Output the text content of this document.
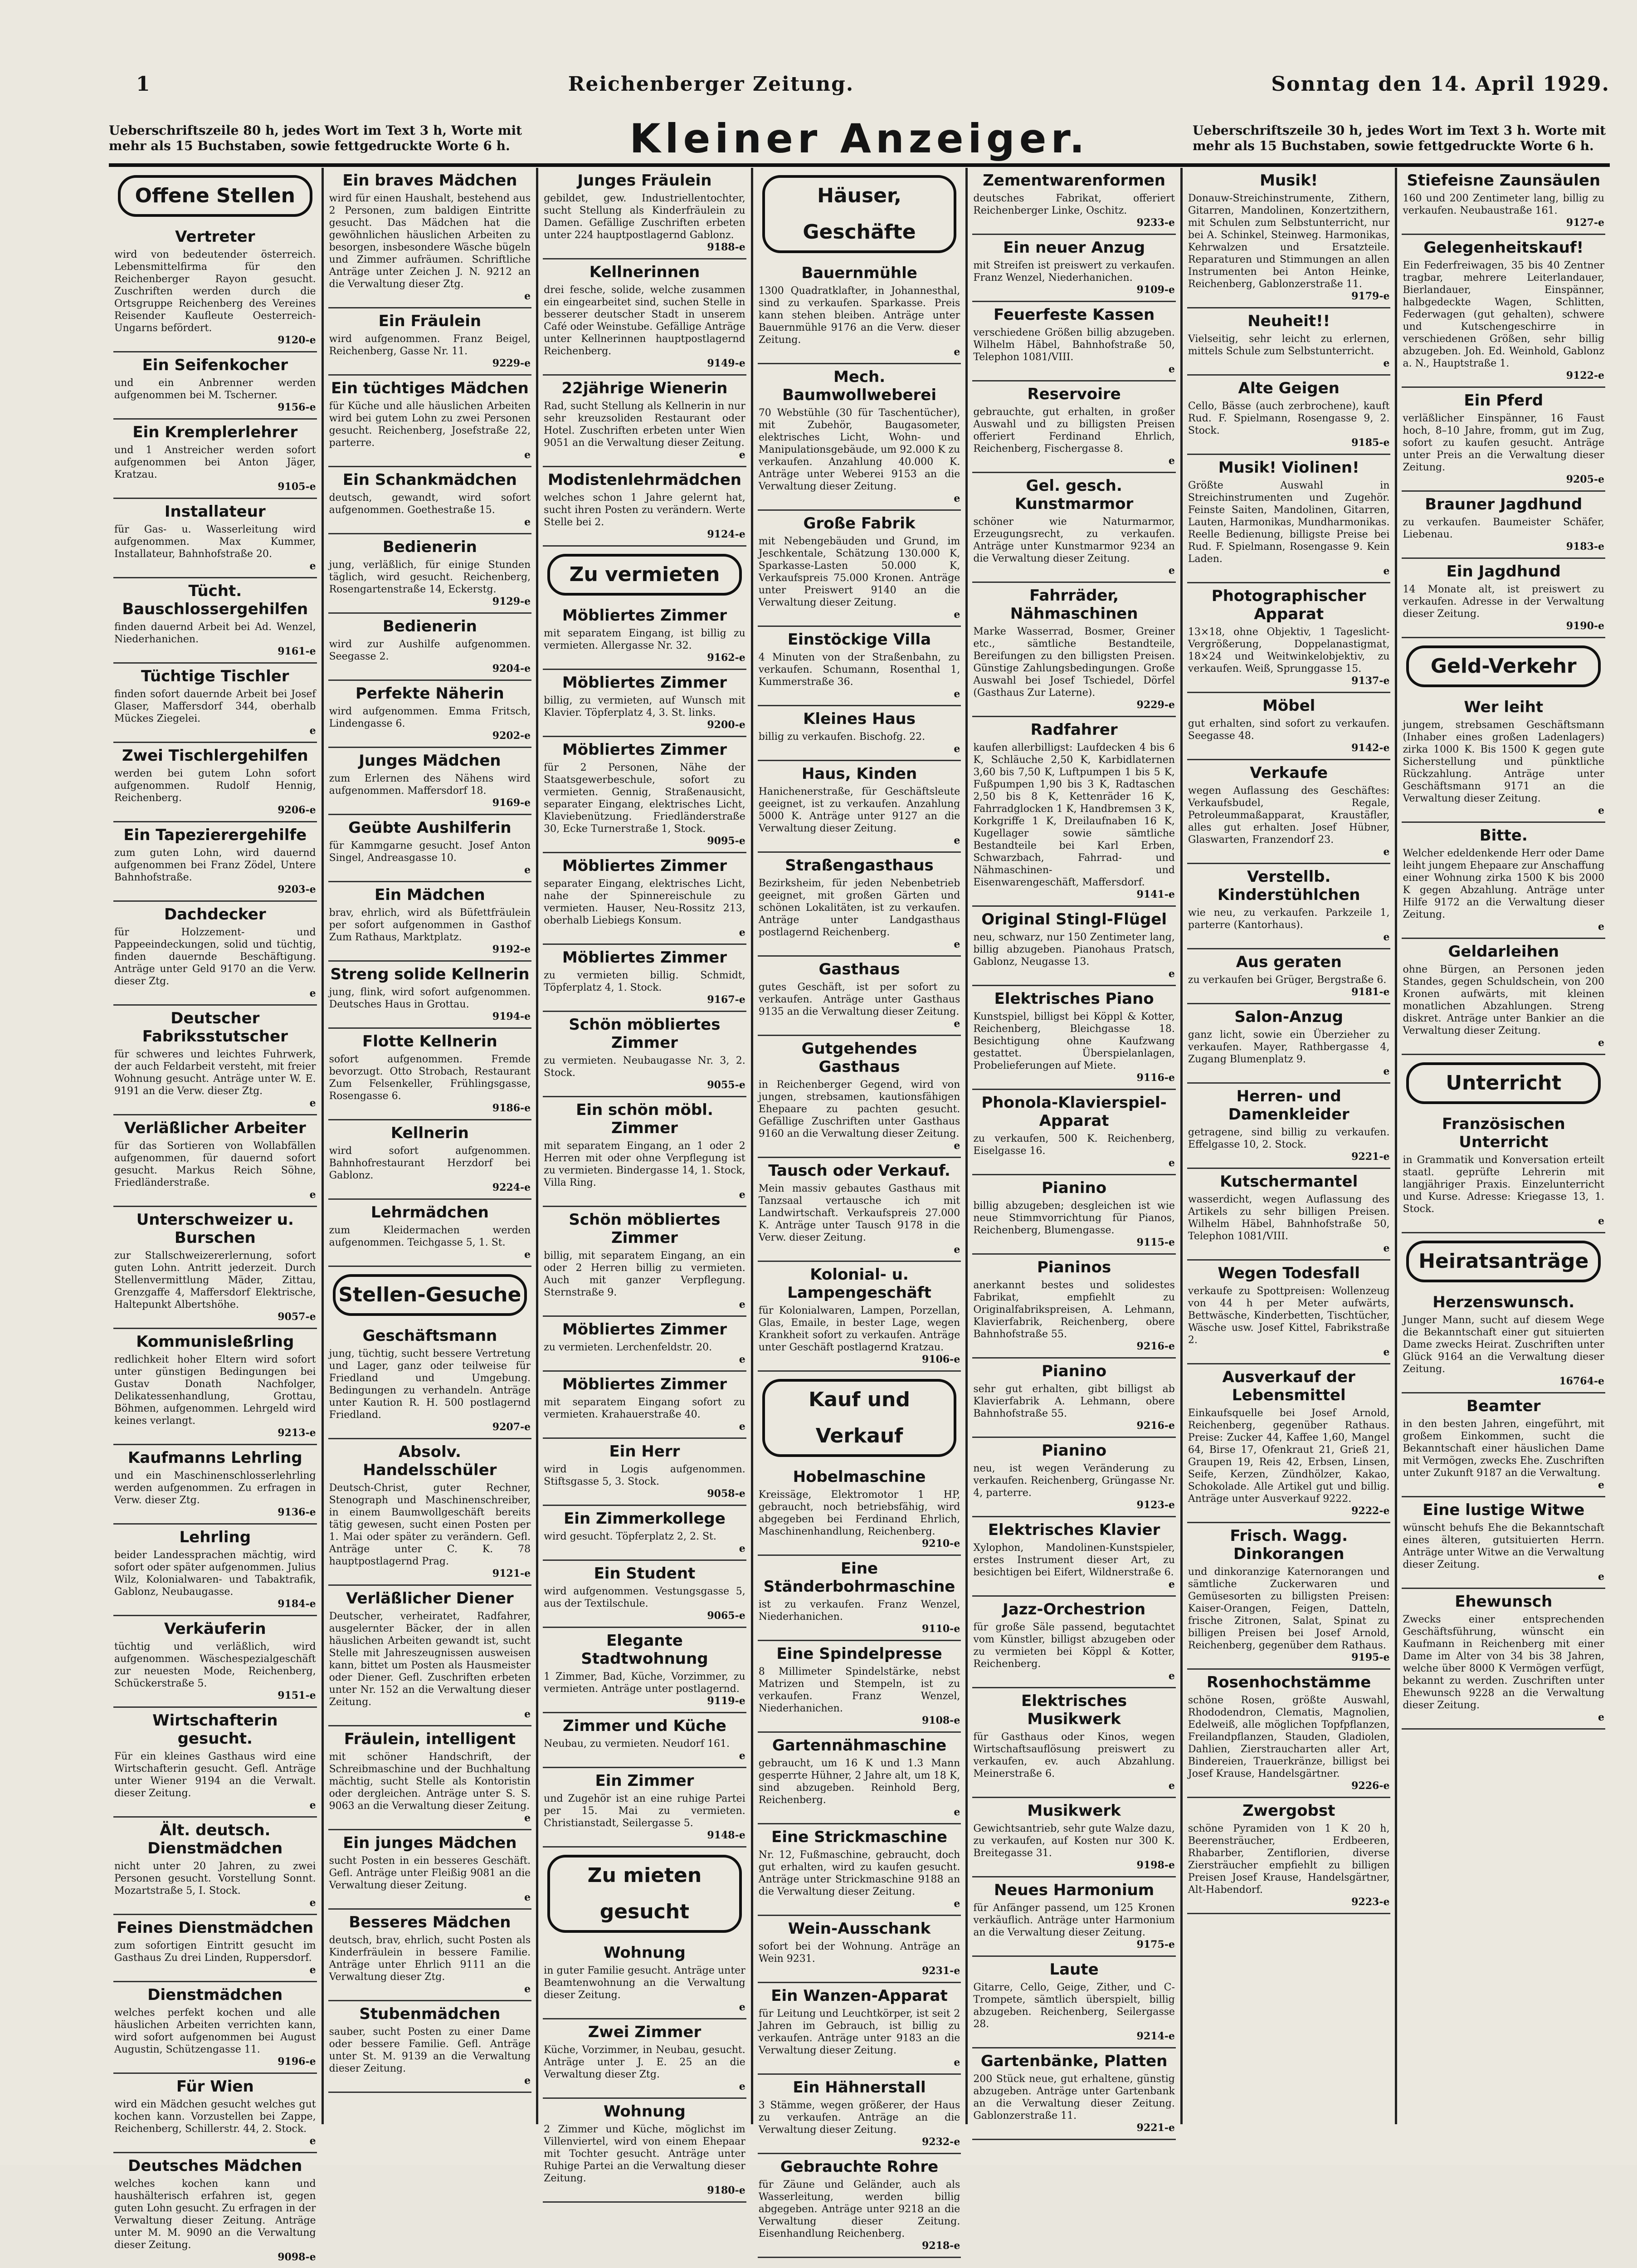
1	Reichenberger Zeitung.	Sonntag den 14. April 1929.
Ueberschriftszeile 80 h, jedes Wort im Text 3 h, Worte mit mehr als 15 Buchstaben, sowie fettgedruckte Worte 6 h.	Kleiner Anzeiger.	Ueberschriftszeile 30 h, jedes Wort im Text 3 h. Worte mit mehr als 15 Buchstaben, sowie fettgedruckte Worte 6 h.
Offene Stellen
Vertreter
wird von bedeutender österreich. Lebensmittelfirma für den Reichenberger Rayon gesucht. Zuschriften werden durch die Ortsgruppe Reichenberg des Vereines Reisender Kaufleute Oesterreich-Ungarns befördert.
9120-e
Ein Seifenkocher
und ein Anbrenner werden aufgenommen bei M. Tscherner.
9156-e
Ein Kremplerlehrer
und 1 Anstreicher werden sofort aufgenommen bei Anton Jäger, Kratzau.
9105-e
Installateur
für Gas- u. Wasserleitung wird aufgenommen. Max Kummer, Installateur, Bahnhofstraße 20.
e
Tücht. Bauschlossergehilfen
finden dauernd Arbeit bei Ad. Wenzel, Niederhanichen.
9161-e
Tüchtige Tischler
finden sofort dauernde Arbeit bei Josef Glaser, Maffersdorf 344, oberhalb Mückes Ziegelei.
e
Zwei Tischlergehilfen
werden bei gutem Lohn sofort aufgenommen. Rudolf Hennig, Reichenberg.
9206-e
Ein Tapezierergehilfe
zum guten Lohn, wird dauernd aufgenommen bei Franz Zödel, Untere Bahnhofstraße.
9203-e
Dachdecker
für Holzzement- und Pappeeindeckungen, solid und tüchtig, finden dauernde Beschäftigung. Anträge unter Geld 9170 an die Verw. dieser Ztg.
e
Deutscher Fabriksstutscher
für schweres und leichtes Fuhrwerk, der auch Feldarbeit versteht, mit freier Wohnung gesucht. Anträge unter W. E. 9191 an die Verw. dieser Ztg.
e
Verläßlicher Arbeiter
für das Sortieren von Wollabfällen aufgenommen, für dauernd sofort gesucht. Markus Reich Söhne, Friedländerstraße.
e
Unterschweizer u. Burschen
zur Stallschweizererlernung, sofort guten Lohn. Antritt jederzeit. Durch Stellenvermittlung Mäder, Zittau, Grenzgaffe 4, Maffersdorf Elektrische, Haltepunkt Albertshöhe.
9057-e
Kommunisleßrling
redlichkeit hoher Eltern wird sofort unter günstigen Bedingungen bei Gustav Donath Nachfolger, Delikatessenhandlung, Grottau, Böhmen, aufgenommen. Lehrgeld wird keines verlangt.
9213-e
Kaufmanns Lehrling
und ein Maschinenschlosserlehrling werden aufgenommen. Zu erfragen in Verw. dieser Ztg.
9136-e
Lehrling
beider Landessprachen mächtig, wird sofort oder später aufgenommen. Julius Wilz, Kolonialwaren- und Tabaktrafik, Gablonz, Neubaugasse.
9184-e
Verkäuferin
tüchtig und verläßlich, wird aufgenommen. Wäschespezialgeschäft zur neuesten Mode, Reichenberg, Schückerstraße 5.
9151-e
Wirtschafterin gesucht.
Für ein kleines Gasthaus wird eine Wirtschafterin gesucht. Gefl. Anträge unter Wiener 9194 an die Verwalt. dieser Zeitung.
e
Ält. deutsch. Dienstmädchen
nicht unter 20 Jahren, zu zwei Personen gesucht. Vorstellung Sonnt. Mozartstraße 5, I. Stock.
e
Feines Dienstmädchen
zum sofortigen Eintritt gesucht im Gasthaus Zu drei Linden, Ruppersdorf.
e
Dienstmädchen
welches perfekt kochen und alle häuslichen Arbeiten verrichten kann, wird sofort aufgenommen bei August Augustin, Schützengasse 11.
9196-e
Für Wien
wird ein Mädchen gesucht welches gut kochen kann. Vorzustellen bei Zappe, Reichenberg, Schillerstr. 44, 2. Stock.
e
Deutsches Mädchen
welches kochen kann und haushälterisch erfahren ist, gegen guten Lohn gesucht. Zu erfragen in der Verwaltung dieser Zeitung. Anträge unter M. M. 9090 an die Verwaltung dieser Zeitung.
9098-e
Ein braves Mädchen
wird für einen Haushalt, bestehend aus 2 Personen, zum baldigen Eintritte gesucht. Das Mädchen hat die gewöhnlichen häuslichen Arbeiten zu besorgen, insbesondere Wäsche bügeln und Zimmer aufräumen. Schriftliche Anträge unter Zeichen J. N. 9212 an die Verwaltung dieser Ztg.
e
Ein Fräulein
wird aufgenommen. Franz Beigel, Reichenberg, Gasse Nr. 11.
9229-e
Ein tüchtiges Mädchen
für Küche und alle häuslichen Arbeiten wird bei gutem Lohn zu zwei Personen gesucht. Reichenberg, Josefstraße 22, parterre.
e
Ein Schankmädchen
deutsch, gewandt, wird sofort aufgenommen. Goethestraße 15.
e
Bedienerin
jung, verläßlich, für einige Stunden täglich, wird gesucht. Reichenberg, Rosengartenstraße 14, Eckerstg.
9129-e
Bedienerin
wird zur Aushilfe aufgenommen. Seegasse 2.
9204-e
Perfekte Näherin
wird aufgenommen. Emma Fritsch, Lindengasse 6.
9202-e
Junges Mädchen
zum Erlernen des Nähens wird aufgenommen. Maffersdorf 18.
9169-e
Geübte Aushilferin
für Kammgarne gesucht. Josef Anton Singel, Andreasgasse 10.
e
Ein Mädchen
brav, ehrlich, wird als Büfettfräulein per sofort aufgenommen in Gasthof Zum Rathaus, Marktplatz.
9192-e
Streng solide Kellnerin
jung, flink, wird sofort aufgenommen. Deutsches Haus in Grottau.
9194-e
Flotte Kellnerin
sofort aufgenommen. Fremde bevorzugt. Otto Strobach, Restaurant Zum Felsenkeller, Frühlingsgasse, Rosengasse 6.
9186-e
Kellnerin
wird sofort aufgenommen. Bahnhofrestaurant Herzdorf bei Gablonz.
9224-e
Lehrmädchen
zum Kleidermachen werden aufgenommen. Teichgasse 5, 1. St.
e
Stellen-Gesuche
Geschäftsmann
jung, tüchtig, sucht bessere Vertretung und Lager, ganz oder teilweise für Friedland und Umgebung. Bedingungen zu verhandeln. Anträge unter Kaution R. H. 500 postlagernd Friedland.
9207-e
Absolv. Handelsschüler
Deutsch-Christ, guter Rechner, Stenograph und Maschinenschreiber, in einem Baumwollgeschäft bereits tätig gewesen, sucht einen Posten per 1. Mai oder später zu verändern. Gefl. Anträge unter C. K. 78 hauptpostlagernd Prag.
9121-e
Verläßlicher Diener
Deutscher, verheiratet, Radfahrer, ausgelernter Bäcker, der in allen häuslichen Arbeiten gewandt ist, sucht Stelle mit Jahreszeugnissen ausweisen kann, bittet um Posten als Hausmeister oder Diener. Gefl. Zuschriften erbeten unter Nr. 152 an die Verwaltung dieser Zeitung.
e
Fräulein, intelligent
mit schöner Handschrift, der Schreibmaschine und der Buchhaltung mächtig, sucht Stelle als Kontoristin oder dergleichen. Anträge unter S. S. 9063 an die Verwaltung dieser Zeitung.
e
Ein junges Mädchen
sucht Posten in ein besseres Geschäft. Gefl. Anträge unter Fleißig 9081 an die Verwaltung dieser Zeitung.
e
Besseres Mädchen
deutsch, brav, ehrlich, sucht Posten als Kinderfräulein in bessere Familie. Anträge unter Ehrlich 9111 an die Verwaltung dieser Ztg.
e
Stubenmädchen
sauber, sucht Posten zu einer Dame oder bessere Familie. Gefl. Anträge unter St. M. 9139 an die Verwaltung dieser Zeitung.
e
Junges Fräulein
gebildet, gew. Industriellentochter, sucht Stellung als Kinderfräulein zu Damen. Gefällige Zuschriften erbeten unter 224 hauptpostlagernd Gablonz.
9188-e
Kellnerinnen
drei fesche, solide, welche zusammen ein eingearbeitet sind, suchen Stelle in besserer deutscher Stadt in unserem Café oder Weinstube. Gefällige Anträge unter Kellnerinnen hauptpostlagernd Reichenberg.
9149-e
22jährige Wienerin
Rad, sucht Stellung als Kellnerin in nur sehr kreuzsoliden Restaurant oder Hotel. Zuschriften erbeten unter Wien 9051 an die Verwaltung dieser Zeitung.
e
Modistenlehrmädchen
welches schon 1 Jahre gelernt hat, sucht ihren Posten zu verändern. Werte Stelle bei 2.
9124-e
Zu vermieten
Möbliertes Zimmer
mit separatem Eingang, ist billig zu vermieten. Allergasse Nr. 32.
9162-e
Möbliertes Zimmer
billig, zu vermieten, auf Wunsch mit Klavier. Töpferplatz 4, 3. St. links.
9200-e
Möbliertes Zimmer
für 2 Personen, Nähe der Staatsgewerbeschule, sofort zu vermieten. Gennig, Straßenausicht, separater Eingang, elektrisches Licht, Klaviebenützung. Friedländerstraße 30, Ecke Turnerstraße 1, Stock.
9095-e
Möbliertes Zimmer
separater Eingang, elektrisches Licht, nahe der Spinnereischule zu vermieten. Hauser, Neu-Rossitz 213, oberhalb Liebiegs Konsum.
e
Möbliertes Zimmer
zu vermieten billig. Schmidt, Töpferplatz 4, 1. Stock.
9167-e
Schön möbliertes Zimmer
zu vermieten. Neubaugasse Nr. 3, 2. Stock.
9055-e
Ein schön möbl. Zimmer
mit separatem Eingang, an 1 oder 2 Herren mit oder ohne Verpflegung ist zu vermieten. Bindergasse 14, 1. Stock, Villa Ring.
e
Schön möbliertes Zimmer
billig, mit separatem Eingang, an ein oder 2 Herren billig zu vermieten. Auch mit ganzer Verpflegung. Sternstraße 9.
e
Möbliertes Zimmer
zu vermieten. Lerchenfeldstr. 20.
e
Möbliertes Zimmer
mit separatem Eingang sofort zu vermieten. Krahauerstraße 40.
e
Ein Herr
wird in Logis aufgenommen. Stiftsgasse 5, 3. Stock.
9058-e
Ein Zimmerkollege
wird gesucht. Töpferplatz 2, 2. St.
e
Ein Student
wird aufgenommen. Vestungsgasse 5, aus der Textilschule.
9065-e
Elegante Stadtwohnung
1 Zimmer, Bad, Küche, Vorzimmer, zu vermieten. Anträge unter postlagernd.
9119-e
Zimmer und Küche
Neubau, zu vermieten. Neudorf 161.
e
Ein Zimmer
und Zugehör ist an eine ruhige Partei per 15. Mai zu vermieten. Christianstadt, Seilergasse 5.
9148-e
Zu mieten gesucht
Wohnung
in guter Familie gesucht. Anträge unter Beamtenwohnung an die Verwaltung dieser Zeitung.
e
Zwei Zimmer
Küche, Vorzimmer, in Neubau, gesucht. Anträge unter J. E. 25 an die Verwaltung dieser Ztg.
e
Wohnung
2 Zimmer und Küche, möglichst im Villenviertel, wird von einem Ehepaar mit Tochter gesucht. Anträge unter Ruhige Partei an die Verwaltung dieser Zeitung.
9180-e
Häuser, Geschäfte
Bauernmühle
1300 Quadratklafter, in Johannesthal, sind zu verkaufen. Sparkasse. Preis kann stehen bleiben. Anträge unter Bauernmühle 9176 an die Verw. dieser Zeitung.
e
Mech. Baumwollweberei
70 Webstühle (30 für Taschentücher), mit Zubehör, Baugasometer, elektrisches Licht, Wohn- und Manipulationsgebäude, um 92.000 K zu verkaufen. Anzahlung 40.000 K. Anträge unter Weberei 9153 an die Verwaltung dieser Zeitung.
e
Große Fabrik
mit Nebengebäuden und Grund, im Jeschkentale, Schätzung 130.000 K, Sparkasse-Lasten 50.000 K, Verkaufspreis 75.000 Kronen. Anträge unter Preiswert 9140 an die Verwaltung dieser Zeitung.
e
Einstöckige Villa
4 Minuten von der Straßenbahn, zu verkaufen. Schumann, Rosenthal 1, Kummerstraße 36.
e
Kleines Haus
billig zu verkaufen. Bischofg. 22.
e
Haus, Kinden
Hanichenerstraße, für Geschäftsleute geeignet, ist zu verkaufen. Anzahlung 5000 K. Anträge unter 9127 an die Verwaltung dieser Zeitung.
e
Straßengasthaus
Bezirksheim, für jeden Nebenbetrieb geeignet, mit großen Gärten und schönen Lokalitäten, ist zu verkaufen. Anträge unter Landgasthaus postlagernd Reichenberg.
e
Gasthaus
gutes Geschäft, ist per sofort zu verkaufen. Anträge unter Gasthaus 9135 an die Verwaltung dieser Zeitung.
e
Gutgehendes Gasthaus
in Reichenberger Gegend, wird von jungen, strebsamen, kautionsfähigen Ehepaare zu pachten gesucht. Gefällige Zuschriften unter Gasthaus 9160 an die Verwaltung dieser Zeitung.
e
Tausch oder Verkauf.
Mein massiv gebautes Gasthaus mit Tanzsaal vertausche ich mit Landwirtschaft. Verkaufspreis 27.000 K. Anträge unter Tausch 9178 in die Verw. dieser Zeitung.
e
Kolonial- u. Lampengeschäft
für Kolonialwaren, Lampen, Porzellan, Glas, Emaile, in bester Lage, wegen Krankheit sofort zu verkaufen. Anträge unter Geschäft postlagernd Kratzau.
9106-e
Kauf und Verkauf
Hobelmaschine
Kreissäge, Elektromotor 1 HP, gebraucht, noch betriebsfähig, wird abgegeben bei Ferdinand Ehrlich, Maschinenhandlung, Reichenberg.
9210-e
Eine Ständerbohrmaschine
ist zu verkaufen. Franz Wenzel, Niederhanichen.
9110-e
Eine Spindelpresse
8 Millimeter Spindelstärke, nebst Matrizen und Stempeln, ist zu verkaufen. Franz Wenzel, Niederhanichen.
9108-e
Gartennähmaschine
gebraucht, um 16 K und 1.3 Mann gesperrte Hühner, 2 Jahre alt, um 18 K, sind abzugeben. Reinhold Berg, Reichenberg.
e
Eine Strickmaschine
Nr. 12, Fußmaschine, gebraucht, doch gut erhalten, wird zu kaufen gesucht. Anträge unter Strickmaschine 9188 an die Verwaltung dieser Zeitung.
e
Wein-Ausschank
sofort bei der Wohnung. Anträge an Wein 9231.
9231-e
Ein Wanzen-Apparat
für Leitung und Leuchtkörper, ist seit 2 Jahren im Gebrauch, ist billig zu verkaufen. Anträge unter 9183 an die Verwaltung dieser Zeitung.
e
Ein Hähnerstall
3 Stämme, wegen größerer, der Haus zu verkaufen. Anträge an die Verwaltung dieser Zeitung.
9232-e
Gebrauchte Rohre
für Zäune und Geländer, auch als Wasserleitung, werden billig abgegeben. Anträge unter 9218 an die Verwaltung dieser Zeitung. Eisenhandlung Reichenberg.
9218-e
Zementwarenformen
deutsches Fabrikat, offeriert Reichenberger Linke, Oschitz.
9233-e
Ein neuer Anzug
mit Streifen ist preiswert zu verkaufen. Franz Wenzel, Niederhanichen.
9109-e
Feuerfeste Kassen
verschiedene Größen billig abzugeben. Wilhelm Häbel, Bahnhofstraße 50, Telephon 1081/VIII.
e
Reservoire
gebrauchte, gut erhalten, in großer Auswahl und zu billigsten Preisen offeriert Ferdinand Ehrlich, Reichenberg, Fischergasse 8.
e
Gel. gesch. Kunstmarmor
schöner wie Naturmarmor, Erzeugungsrecht, zu verkaufen. Anträge unter Kunstmarmor 9234 an die Verwaltung dieser Zeitung.
e
Fahrräder, Nähmaschinen
Marke Wasserrad, Bosmer, Greiner etc., sämtliche Bestandteile, Bereifungen zu den billigsten Preisen. Günstige Zahlungsbedingungen. Große Auswahl bei Josef Tschiedel, Dörfel (Gasthaus Zur Laterne).
9229-e
Radfahrer
kaufen allerbilligst: Laufdecken 4 bis 6 K, Schläuche 2,50 K, Karbidlaternen 3,60 bis 7,50 K, Luftpumpen 1 bis 5 K, Fußpumpen 1,90 bis 3 K, Radtaschen 2,50 bis 8 K, Kettenräder 16 K, Fahrradglocken 1 K, Handbremsen 3 K, Korkgriffe 1 K, Dreilaufnaben 16 K, Kugellager sowie sämtliche Bestandteile bei Karl Erben, Schwarzbach, Fahrrad- und Nähmaschinen- und Eisenwarengeschäft, Maffersdorf.
9141-e
Original Stingl-Flügel
neu, schwarz, nur 150 Zentimeter lang, billig abzugeben. Pianohaus Pratsch, Gablonz, Neugasse 13.
e
Elektrisches Piano
Kunstspiel, billigst bei Köppl & Kotter, Reichenberg, Bleichgasse 18. Besichtigung ohne Kaufzwang gestattet. Überspielanlagen, Probelieferungen auf Miete.
9116-e
Phonola-Klavierspiel-Apparat
zu verkaufen, 500 K. Reichenberg, Eiselgasse 16.
e
Pianino
billig abzugeben; desgleichen ist wie neue Stimmvorrichtung für Pianos, Reichenberg, Blumengasse.
9115-e
Pianinos
anerkannt bestes und solidestes Fabrikat, empfiehlt zu Originalfabrikspreisen, A. Lehmann, Klavierfabrik, Reichenberg, obere Bahnhofstraße 55.
9216-e
Pianino
sehr gut erhalten, gibt billigst ab Klavierfabrik A. Lehmann, obere Bahnhofstraße 55.
9216-e
Pianino
neu, ist wegen Veränderung zu verkaufen. Reichenberg, Grüngasse Nr. 4, parterre.
9123-e
Elektrisches Klavier
Xylophon, Mandolinen-Kunstspieler, erstes Instrument dieser Art, zu besichtigen bei Eifert, Wildnerstraße 6.
e
Jazz-Orchestrion
für große Säle passend, begutachtet vom Künstler, billigst abzugeben oder zu vermieten bei Köppl & Kotter, Reichenberg.
e
Elektrisches Musikwerk
für Gasthaus oder Kinos, wegen Wirtschaftsauflösung preiswert zu verkaufen, ev. auch Abzahlung. Meinerstraße 6.
e
Musikwerk
Gewichtsantrieb, sehr gute Walze dazu, zu verkaufen, auf Kosten nur 300 K. Breitegasse 31.
9198-e
Neues Harmonium
für Anfänger passend, um 125 Kronen verkäuflich. Anträge unter Harmonium an die Verwaltung dieser Zeitung.
9175-e
Laute
Gitarre, Cello, Geige, Zither, und C-Trompete, sämtlich überspielt, billig abzugeben. Reichenberg, Seilergasse 28.
9214-e
Gartenbänke, Platten
200 Stück neue, gut erhaltene, günstig abzugeben. Anträge unter Gartenbank an die Verwaltung dieser Zeitung. Gablonzerstraße 11.
9221-e
Musik!
Donauw-Streichinstrumente, Zithern, Gitarren, Mandolinen, Konzertzithern, mit Schulen zum Selbstunterricht, nur bei A. Schinkel, Steinweg. Harmonikas, Kehrwalzen und Ersatzteile. Reparaturen und Stimmungen an allen Instrumenten bei Anton Heinke, Reichenberg, Gablonzerstraße 11.
9179-e
Neuheit!!
Vielseitig, sehr leicht zu erlernen, mittels Schule zum Selbstunterricht.
e
Alte Geigen
Cello, Bässe (auch zerbrochene), kauft Rud. F. Spielmann, Rosengasse 9, 2. Stock.
9185-e
Musik! Violinen!
Größte Auswahl in Streichinstrumenten und Zugehör. Feinste Saiten, Mandolinen, Gitarren, Lauten, Harmonikas, Mundharmonikas. Reelle Bedienung, billigste Preise bei Rud. F. Spielmann, Rosengasse 9. Kein Laden.
e
Photographischer Apparat
13×18, ohne Objektiv, 1 Tageslicht-Vergrößerung, Doppelanastigmat, 18×24 und Weitwinkelobjektiv, zu verkaufen. Weiß, Sprunggasse 15.
9137-e
Möbel
gut erhalten, sind sofort zu verkaufen. Seegasse 48.
9142-e
Verkaufe
wegen Auflassung des Geschäftes: Verkaufsbudel, Regale, Petroleummaßapparat, Kraustäfler, alles gut erhalten. Josef Hübner, Glaswarten, Franzendorf 23.
e
Verstellb. Kinderstühlchen
wie neu, zu verkaufen. Parkzeile 1, parterre (Kantorhaus).
e
Aus geraten
zu verkaufen bei Grüger, Bergstraße 6.
9181-e
Salon-Anzug
ganz licht, sowie ein Überzieher zu verkaufen. Mayer, Rathbergasse 4, Zugang Blumenplatz 9.
e
Herren- und Damenkleider
getragene, sind billig zu verkaufen. Effelgasse 10, 2. Stock.
9221-e
Kutschermantel
wasserdicht, wegen Auflassung des Artikels zu sehr billigen Preisen. Wilhelm Häbel, Bahnhofstraße 50, Telephon 1081/VIII.
e
Wegen Todesfall
verkaufe zu Spottpreisen: Wollenzeug von 44 h per Meter aufwärts, Bettwäsche, Kinderbetten, Tischtücher, Wäsche usw. Josef Kittel, Fabrikstraße 2.
e
Ausverkauf der Lebensmittel
Einkaufsquelle bei Josef Arnold, Reichenberg, gegenüber Rathaus. Preise: Zucker 44, Kaffee 1,60, Mangel 64, Birse 17, Ofenkraut 21, Grieß 21, Graupen 19, Reis 42, Erbsen, Linsen, Seife, Kerzen, Zündhölzer, Kakao, Schokolade. Alle Artikel gut und billig. Anträge unter Ausverkauf 9222.
9222-e
Frisch. Wagg. Dinkorangen
und dinkoranzige Katernorangen und sämtliche Zuckerwaren und Gemüsesorten zu billigsten Preisen: Kaiser-Orangen, Feigen, Datteln, frische Zitronen, Salat, Spinat zu billigen Preisen bei Josef Arnold, Reichenberg, gegenüber dem Rathaus.
9195-e
Rosenhochstämme
schöne Rosen, größte Auswahl, Rhododendron, Clematis, Magnolien, Edelweiß, alle möglichen Topfpflanzen, Freilandpflanzen, Stauden, Gladiolen, Dahlien, Zierstraucharten aller Art, Bindereien, Trauerkränze, billigst bei Josef Krause, Handelsgärtner.
9226-e
Zwergobst
schöne Pyramiden von 1 K 20 h, Beerensträucher, Erdbeeren, Rhabarber, Zentiflorien, diverse Ziersträucher empfiehlt zu billigen Preisen Josef Krause, Handelsgärtner, Alt-Habendorf.
9223-e
Stiefeisne Zaunsäulen
160 und 200 Zentimeter lang, billig zu verkaufen. Neubaustraße 161.
9127-e
Gelegenheitskauf!
Ein Federfreiwagen, 35 bis 40 Zentner tragbar, mehrere Leiterlandauer, Bierlandauer, Einspänner, halbgedeckte Wagen, Schlitten, Federwagen (gut gehalten), schwere und Kutschengeschirre in verschiedenen Größen, sehr billig abzugeben. Joh. Ed. Weinhold, Gablonz a. N., Hauptstraße 1.
9122-e
Ein Pferd
verläßlicher Einspänner, 16 Faust hoch, 8–10 Jahre, fromm, gut im Zug, sofort zu kaufen gesucht. Anträge unter Preis an die Verwaltung dieser Zeitung.
9205-e
Brauner Jagdhund
zu verkaufen. Baumeister Schäfer, Liebenau.
9183-e
Ein Jagdhund
14 Monate alt, ist preiswert zu verkaufen. Adresse in der Verwaltung dieser Zeitung.
9190-e
Geld-Verkehr
Wer leiht
jungem, strebsamen Geschäftsmann (Inhaber eines großen Ladenlagers) zirka 1000 K. Bis 1500 K gegen gute Sicherstellung und pünktliche Rückzahlung. Anträge unter Geschäftsmann 9171 an die Verwaltung dieser Zeitung.
e
Bitte.
Welcher edeldenkende Herr oder Dame leiht jungem Ehepaare zur Anschaffung einer Wohnung zirka 1500 K bis 2000 K gegen Abzahlung. Anträge unter Hilfe 9172 an die Verwaltung dieser Zeitung.
e
Geldarleihen
ohne Bürgen, an Personen jeden Standes, gegen Schuldschein, von 200 Kronen aufwärts, mit kleinen monatlichen Abzahlungen. Streng diskret. Anträge unter Bankier an die Verwaltung dieser Zeitung.
e
Unterricht
Französischen Unterricht
in Grammatik und Konversation erteilt staatl. geprüfte Lehrerin mit langjähriger Praxis. Einzelunterricht und Kurse. Adresse: Kriegasse 13, 1. Stock.
e
Heiratsanträge
Herzenswunsch.
Junger Mann, sucht auf diesem Wege die Bekanntschaft einer gut situierten Dame zwecks Heirat. Zuschriften unter Glück 9164 an die Verwaltung dieser Zeitung.
16764-e
Beamter
in den besten Jahren, eingeführt, mit großem Einkommen, sucht die Bekanntschaft einer häuslichen Dame mit Vermögen, zwecks Ehe. Zuschriften unter Zukunft 9187 an die Verwaltung.
e
Eine lustige Witwe
wünscht behufs Ehe die Bekanntschaft eines älteren, gutsituierten Herrn. Anträge unter Witwe an die Verwaltung dieser Zeitung.
e
Ehewunsch
Zwecks einer entsprechenden Geschäftsführung, wünscht ein Kaufmann in Reichenberg mit einer Dame im Alter von 34 bis 38 Jahren, welche über 8000 K Vermögen verfügt, bekannt zu werden. Zuschriften unter Ehewunsch 9228 an die Verwaltung dieser Zeitung.
e
